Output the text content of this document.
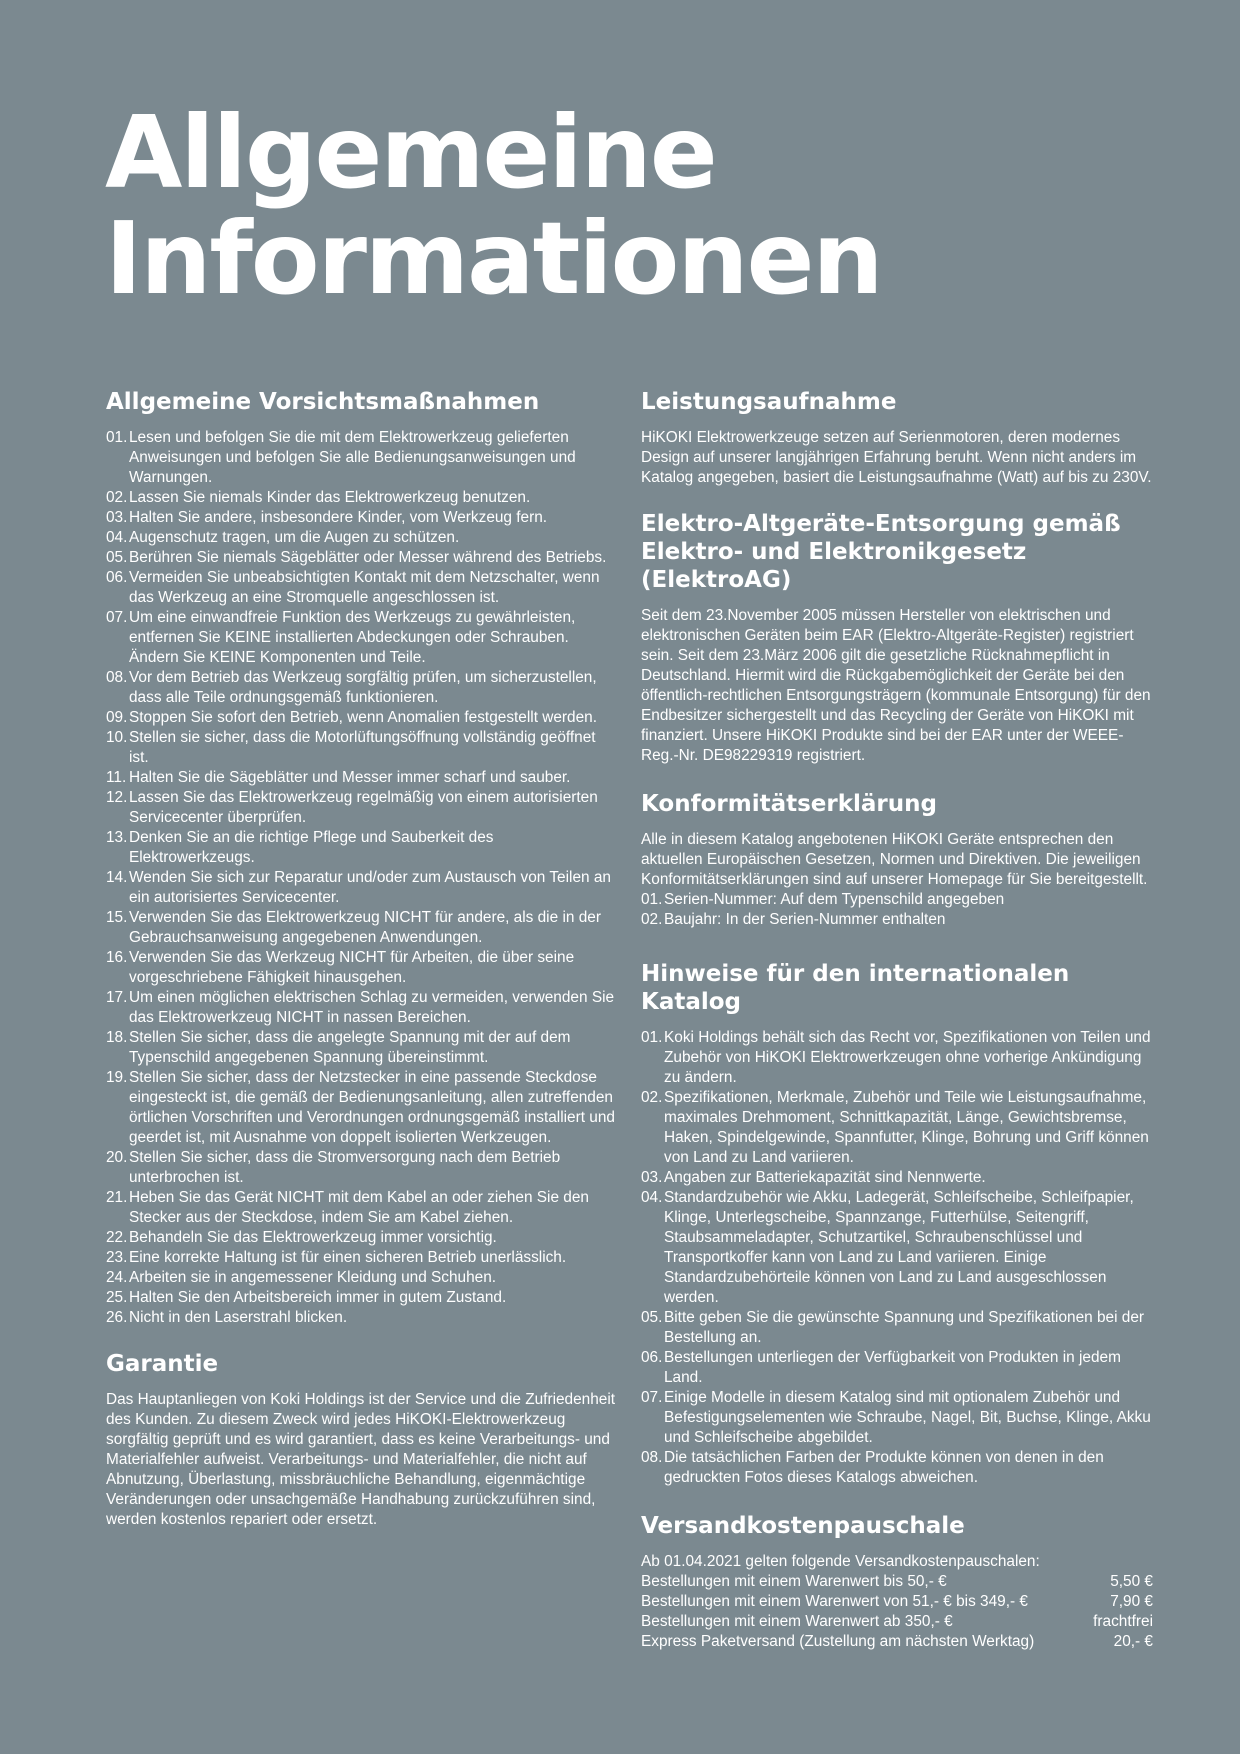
Allgemeine
Informationen
Allgemeine Vorsichtsmaßnahmen
01. Lesen und befolgen Sie die mit dem Elektrowerkzeug gelieferten Anweisungen und befolgen Sie alle Bedienungsanweisungen und Warnungen.
02. Lassen Sie niemals Kinder das Elektrowerkzeug benutzen.
03. Halten Sie andere, insbesondere Kinder, vom Werkzeug fern.
04. Augenschutz tragen, um die Augen zu schützen.
05. Berühren Sie niemals Sägeblätter oder Messer während des Betriebs.
06. Vermeiden Sie unbeabsichtigten Kontakt mit dem Netzschalter, wenn das Werkzeug an eine Stromquelle angeschlossen ist.
07. Um eine einwandfreie Funktion des Werkzeugs zu gewährleisten, entfernen Sie KEINE installierten Abdeckungen oder Schrauben. Ändern Sie KEINE Komponenten und Teile.
08. Vor dem Betrieb das Werkzeug sorgfältig prüfen, um sicherzustellen, dass alle Teile ordnungsgemäß funktionieren.
09. Stoppen Sie sofort den Betrieb, wenn Anomalien festgestellt werden.
10. Stellen sie sicher, dass die Motorlüftungsöffnung vollständig geöffnet ist.
11. Halten Sie die Sägeblätter und Messer immer scharf und sauber.
12. Lassen Sie das Elektrowerkzeug regelmäßig von einem autorisierten Servicecenter überprüfen.
13. Denken Sie an die richtige Pflege und Sauberkeit des Elektrowerkzeugs.
14. Wenden Sie sich zur Reparatur und/oder zum Austausch von Teilen an ein autorisiertes Servicecenter.
15. Verwenden Sie das Elektrowerkzeug NICHT für andere, als die in der Gebrauchsanweisung angegebenen Anwendungen.
16. Verwenden Sie das Werkzeug NICHT für Arbeiten, die über seine vorgeschriebene Fähigkeit hinausgehen.
17. Um einen möglichen elektrischen Schlag zu vermeiden, verwenden Sie das Elektrowerkzeug NICHT in nassen Bereichen.
18. Stellen Sie sicher, dass die angelegte Spannung mit der auf dem Typenschild angegebenen Spannung übereinstimmt.
19. Stellen Sie sicher, dass der Netzstecker in eine passende Steckdose eingesteckt ist, die gemäß der Bedienungsanleitung, allen zutreffenden örtlichen Vorschriften und Verordnungen ordnungsgemäß installiert und geerdet ist, mit Ausnahme von doppelt isolierten Werkzeugen.
20. Stellen Sie sicher, dass die Stromversorgung nach dem Betrieb unterbrochen ist.
21. Heben Sie das Gerät NICHT mit dem Kabel an oder ziehen Sie den Stecker aus der Steckdose, indem Sie am Kabel ziehen.
22. Behandeln Sie das Elektrowerkzeug immer vorsichtig.
23. Eine korrekte Haltung ist für einen sicheren Betrieb unerlässlich.
24. Arbeiten sie in angemessener Kleidung und Schuhen.
25. Halten Sie den Arbeitsbereich immer in gutem Zustand.
26. Nicht in den Laserstrahl blicken.
Garantie

Das Hauptanliegen von Koki Holdings ist der Service und die Zufriedenheit des Kunden. Zu diesem Zweck wird jedes HiKOKI-Elektrowerkzeug sorgfältig geprüft und es wird garantiert, dass es keine Verarbeitungs- und Materialfehler aufweist. Verarbeitungs- und Materialfehler, die nicht auf Abnutzung, Überlastung, missbräuchliche Behandlung, eigenmächtige Veränderungen oder unsachgemäße Handhabung zurückzuführen sind, werden kostenlos repariert oder ersetzt.

Leistungsaufnahme

HiKOKI Elektrowerkzeuge setzen auf Serienmotoren, deren modernes Design auf unserer langjährigen Erfahrung beruht. Wenn nicht anders im Katalog angegeben, basiert die Leistungsaufnahme (Watt) auf bis zu 230V.

Elektro-Altgeräte-Entsorgung gemäß
Elektro- und Elektronikgesetz (ElektroAG)

Seit dem 23.November 2005 müssen Hersteller von elektrischen und elektronischen Geräten beim EAR (Elektro-Altgeräte-Register) registriert sein. Seit dem 23.März 2006 gilt die gesetzliche Rücknahmepflicht in Deutschland. Hiermit wird die Rückgabemöglichkeit der Geräte bei den öffentlich-rechtlichen Entsorgungsträgern (kommunale Entsorgung) für den Endbesitzer sichergestellt und das Recycling der Geräte von HiKOKI mit finanziert. Unsere HiKOKI Produkte sind bei der EAR unter der WEEE-Reg.-Nr. DE98229319 registriert.

Konformitätserklärung

Alle in diesem Katalog angebotenen HiKOKI Geräte entsprechen den aktuellen Europäischen Gesetzen, Normen und Direktiven. Die jeweiligen Konformitätserklärungen sind auf unserer Homepage für Sie bereitgestellt.

01. Serien-Nummer: Auf dem Typenschild angegeben
02. Baujahr: In der Serien-Nummer enthalten
Hinweise für den internationalen Katalog
01. Koki Holdings behält sich das Recht vor, Spezifikationen von Teilen und Zubehör von HiKOKI Elektrowerkzeugen ohne vorherige Ankündigung zu ändern.
02. Spezifikationen, Merkmale, Zubehör und Teile wie Leistungsaufnahme, maximales Drehmoment, Schnittkapazität, Länge, Gewichtsbremse, Haken, Spindelgewinde, Spannfutter, Klinge, Bohrung und Griff können von Land zu Land variieren.
03. Angaben zur Batteriekapazität sind Nennwerte.
04. Standardzubehör wie Akku, Ladegerät, Schleifscheibe, Schleifpapier, Klinge, Unterlegscheibe, Spannzange, Futterhülse, Seitengriff, Staubsammeladapter, Schutzartikel, Schraubenschlüssel und Transportkoffer kann von Land zu Land variieren. Einige Standardzubehörteile können von Land zu Land ausgeschlossen werden.
05. Bitte geben Sie die gewünschte Spannung und Spezifikationen bei der Bestellung an.
06. Bestellungen unterliegen der Verfügbarkeit von Produkten in jedem Land.
07. Einige Modelle in diesem Katalog sind mit optionalem Zubehör und Befestigungselementen wie Schraube, Nagel, Bit, Buchse, Klinge, Akku und Schleifscheibe abgebildet.
08. Die tatsächlichen Farben der Produkte können von denen in den gedruckten Fotos dieses Katalogs abweichen.
Versandkostenpauschale

Ab 01.04.2021 gelten folgende Versandkostenpauschalen:

Bestellungen mit einem Warenwert bis 50,- €	5,50 €
Bestellungen mit einem Warenwert von 51,- € bis 349,- €	7,90 €
Bestellungen mit einem Warenwert ab 350,- €	frachtfrei
Express Paketversand (Zustellung am nächsten Werktag)	20,- €
